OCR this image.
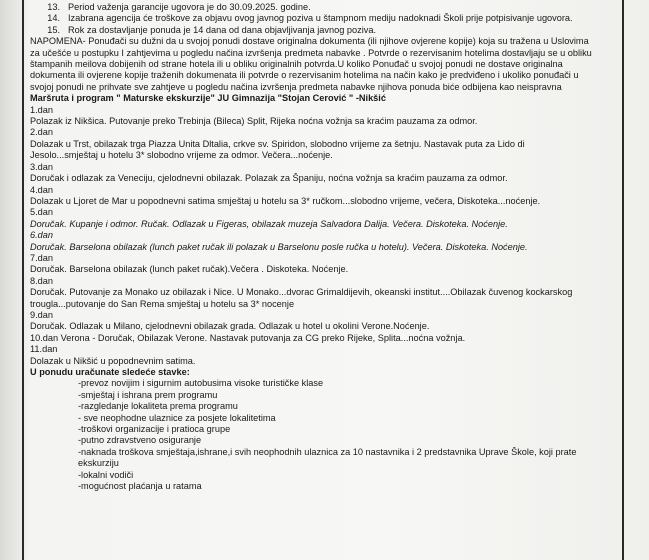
13. Period važenja garancije ugovora je do 30.09.2025. godine.
14. Izabrana agencija će troškove za objavu ovog javnog poziva u štampnom mediju nadoknadi Školi prije potpisivanje ugovora.
15. Rok za dostavljanje ponuda je 14 dana od dana objavljivanja javnog poziva.
NAPOMENA- Ponuđači su dužni da u svojoj ponudi dostave originalna dokumenta (ili njihove ovjerene kopije) koja su tražena u Uslovima
za učešće u postupku I zahtjevima u pogledu načina izvršenja predmeta nabavke . Potvrde o rezervisanim hotelima dostavljaju se u obliku
štampanih meilova dobijenih od strane hotela ili u obliku originalnih potvrda.U koliko Ponuđač u svojoj ponudi ne dostave originalna
dokumenta ili ovjerene kopije traženih dokumenata ili potvrde o rezervisanim hotelima na način kako je predviđeno i ukoliko ponuđači u
svojoj ponudi ne prihvate sve zahtjeve u pogledu načina izvršenja predmeta nabavke njihova ponuda biće odbijena kao neispravna
Maršruta i program " Maturske ekskurzije" JU Gimnazija "Stojan Cerović " -Nikšić
1.dan
Polazak iz Nikšica. Putovanje preko Trebinja (Bileca) Split, Rijeka noćna vožnja sa kraćim pauzama za odmor.
2.dan
Dolazak u Trst, obilazak trga Piazza Unita Dltalia, crkve sv. Spiridon, slobodno vrijeme za šetnju. Nastavak puta za Lido di
Jesolo...smještaj u hotelu 3* slobodno vrijeme za odmor. Večera...noćenje.
3.dan
Doručak i odlazak za Veneciju, cjelodnevni obilazak. Polazak za Španiju, noćna vožnja sa kraćim pauzama za odmor.
4.dan
Dolazak u Ljoret de Mar u popodnevni satima smještaj u hotelu sa 3* ručkom...slobodno vrijeme, večera, Diskoteka...noćenje.
5.dan
Doručak. Kupanje i odmor. Ručak. Odlazak u Figeras, obilazak muzeja Salvadora Dalija. Večera. Diskoteka. Noćenje.
6.dan
Doručak. Barselona obilazak (lunch paket ručak ili polazak u Barselonu posle ručka u hotelu). Večera. Diskoteka. Noćenje.
7.dan
Doručak. Barselona obilazak (lunch paket ručak).Večera . Diskoteka. Noćenje.
8.dan
Doručak. Putovanje za Monako uz obilazak i Nice. U Monako...dvorac Grimaldijevih, okeanski institut....Obilazak čuvenog kockarskog
trougla...putovanje do San Rema smještaj u hotelu sa 3* nocenje
9.dan
Doručak. Odlazak u Milano, cjelodnevni obilazak grada. Odlazak u hotel u okolini Verone.Noćenje.
10.dan Verona - Doručak, Obilazak Verone. Nastavak putovanja za CG preko Rijeke, Splita...noćna vožnja.
11.dan
Dolazak u Nikšić u popodnevnim satima.
U ponudu uračunate sledeće stavke:
-prevoz novijim i sigurnim autobusima visoke turističke klase
-smještaj i ishrana prem programu
-razgledanje lokaliteta prema programu
- sve neophodne ulaznice za posjete lokalitetima
-troškovi organizacije i pratioca grupe
-putno zdravstveno osiguranje
-naknada troškova smještaja,ishrane,i svih neophodnih ulaznica za 10 nastavnika i 2 predstavnika Uprave Škole, koji prate
ekskurziju
-lokalni vodiči
-mogućnost plaćanja u ratama
